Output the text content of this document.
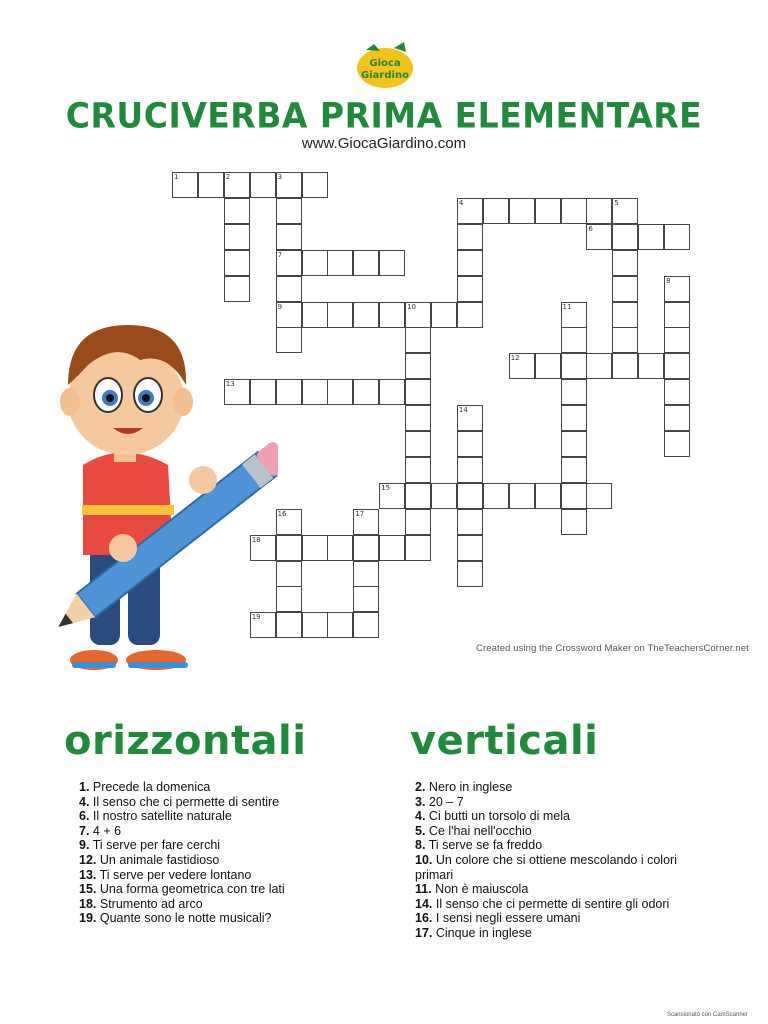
Gioca
Giardino
CRUCIVERBA PRIMA ELEMENTARE
www.GiocaGiardino.com
1	2	3
7
9
4	5
6
8
10	11
12
13
14
15
16	17
18
19
Created using the Crossword Maker on TheTeachersCorner.net
orizzontali
1. Precede la domenica
4. Il senso che ci permette di sentire
6. Il nostro satellite naturale
7. 4 + 6
9. Ti serve per fare cerchi
12. Un animale fastidioso
13. Ti serve per vedere lontano
15. Una forma geometrica con tre lati
18. Strumento ad arco
19. Quante sono le notte musicali?
verticali
2. Nero in inglese
3. 20 – 7
4. Ci butti un torsolo di mela
5. Ce l'hai nell'occhio
8. Ti serve se fa freddo
10. Un colore che si ottiene mescolando i colori primari
11. Non è maiuscola
14. Il senso che ci permette di sentire gli odori
16. I sensi negli essere umani
17. Cinque in inglese
Scansionato con CamScanner
